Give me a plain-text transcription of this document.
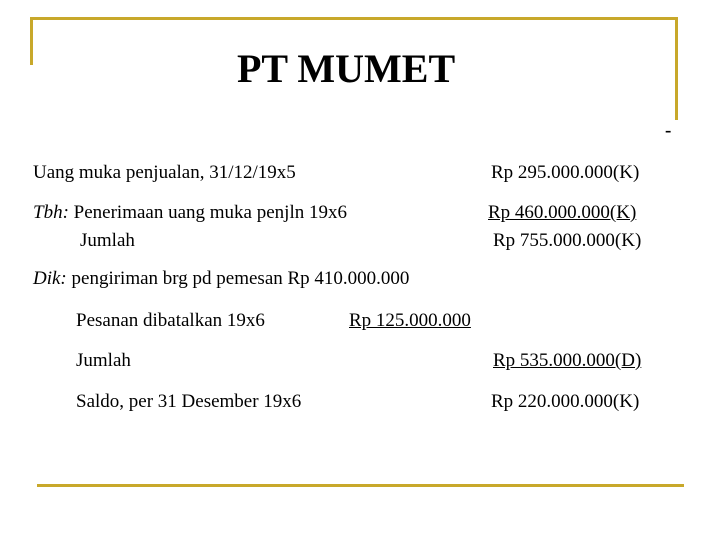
PT MUMET
-
Uang muka penjualan, 31/12/19x5	Rp 295.000.000(K)
Tbh: Penerimaan uang muka penjln 19x6	Rp 460.000.000(K)
Jumlah	Rp 755.000.000(K)
Dik: pengiriman brg pd pemesan Rp 410.000.000
Pesanan dibatalkan 19x6	Rp 125.000.000
Jumlah	Rp 535.000.000(D)
Saldo, per 31 Desember 19x6	Rp 220.000.000(K)
